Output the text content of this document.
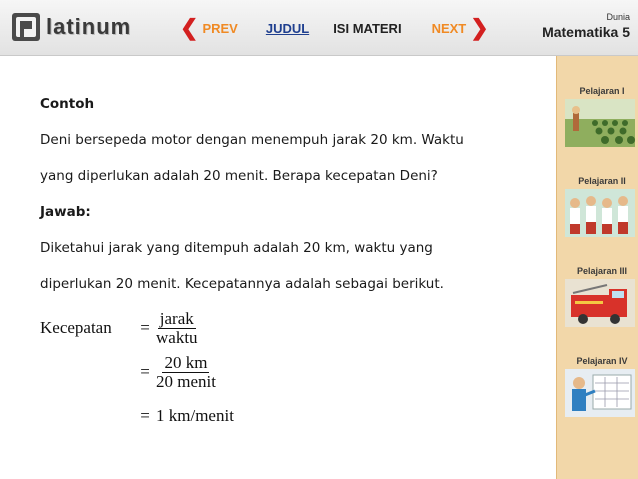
latinum ❮ PREV JUDUL ISI MATERI NEXT ❯	Dunia
Matematika 5
Contoh
Deni bersepeda motor dengan menempuh jarak 20 km. Waktu
yang diperlukan adalah 20 menit. Berapa kecepatan Deni?
Jawab:
Diketahui jarak yang ditempuh adalah 20 km, waktu yang
diperlukan 20 menit. Kecepatannya adalah sebagai berikut.
Kecepatan	= $\frac{\text{jarak}}{\text{waktu}}$
= $\frac{20 km}{\text{20 menit}}$
= 1 km/menit
Pelajaran I
Pelajaran II
Pelajaran III
Pelajaran IV
